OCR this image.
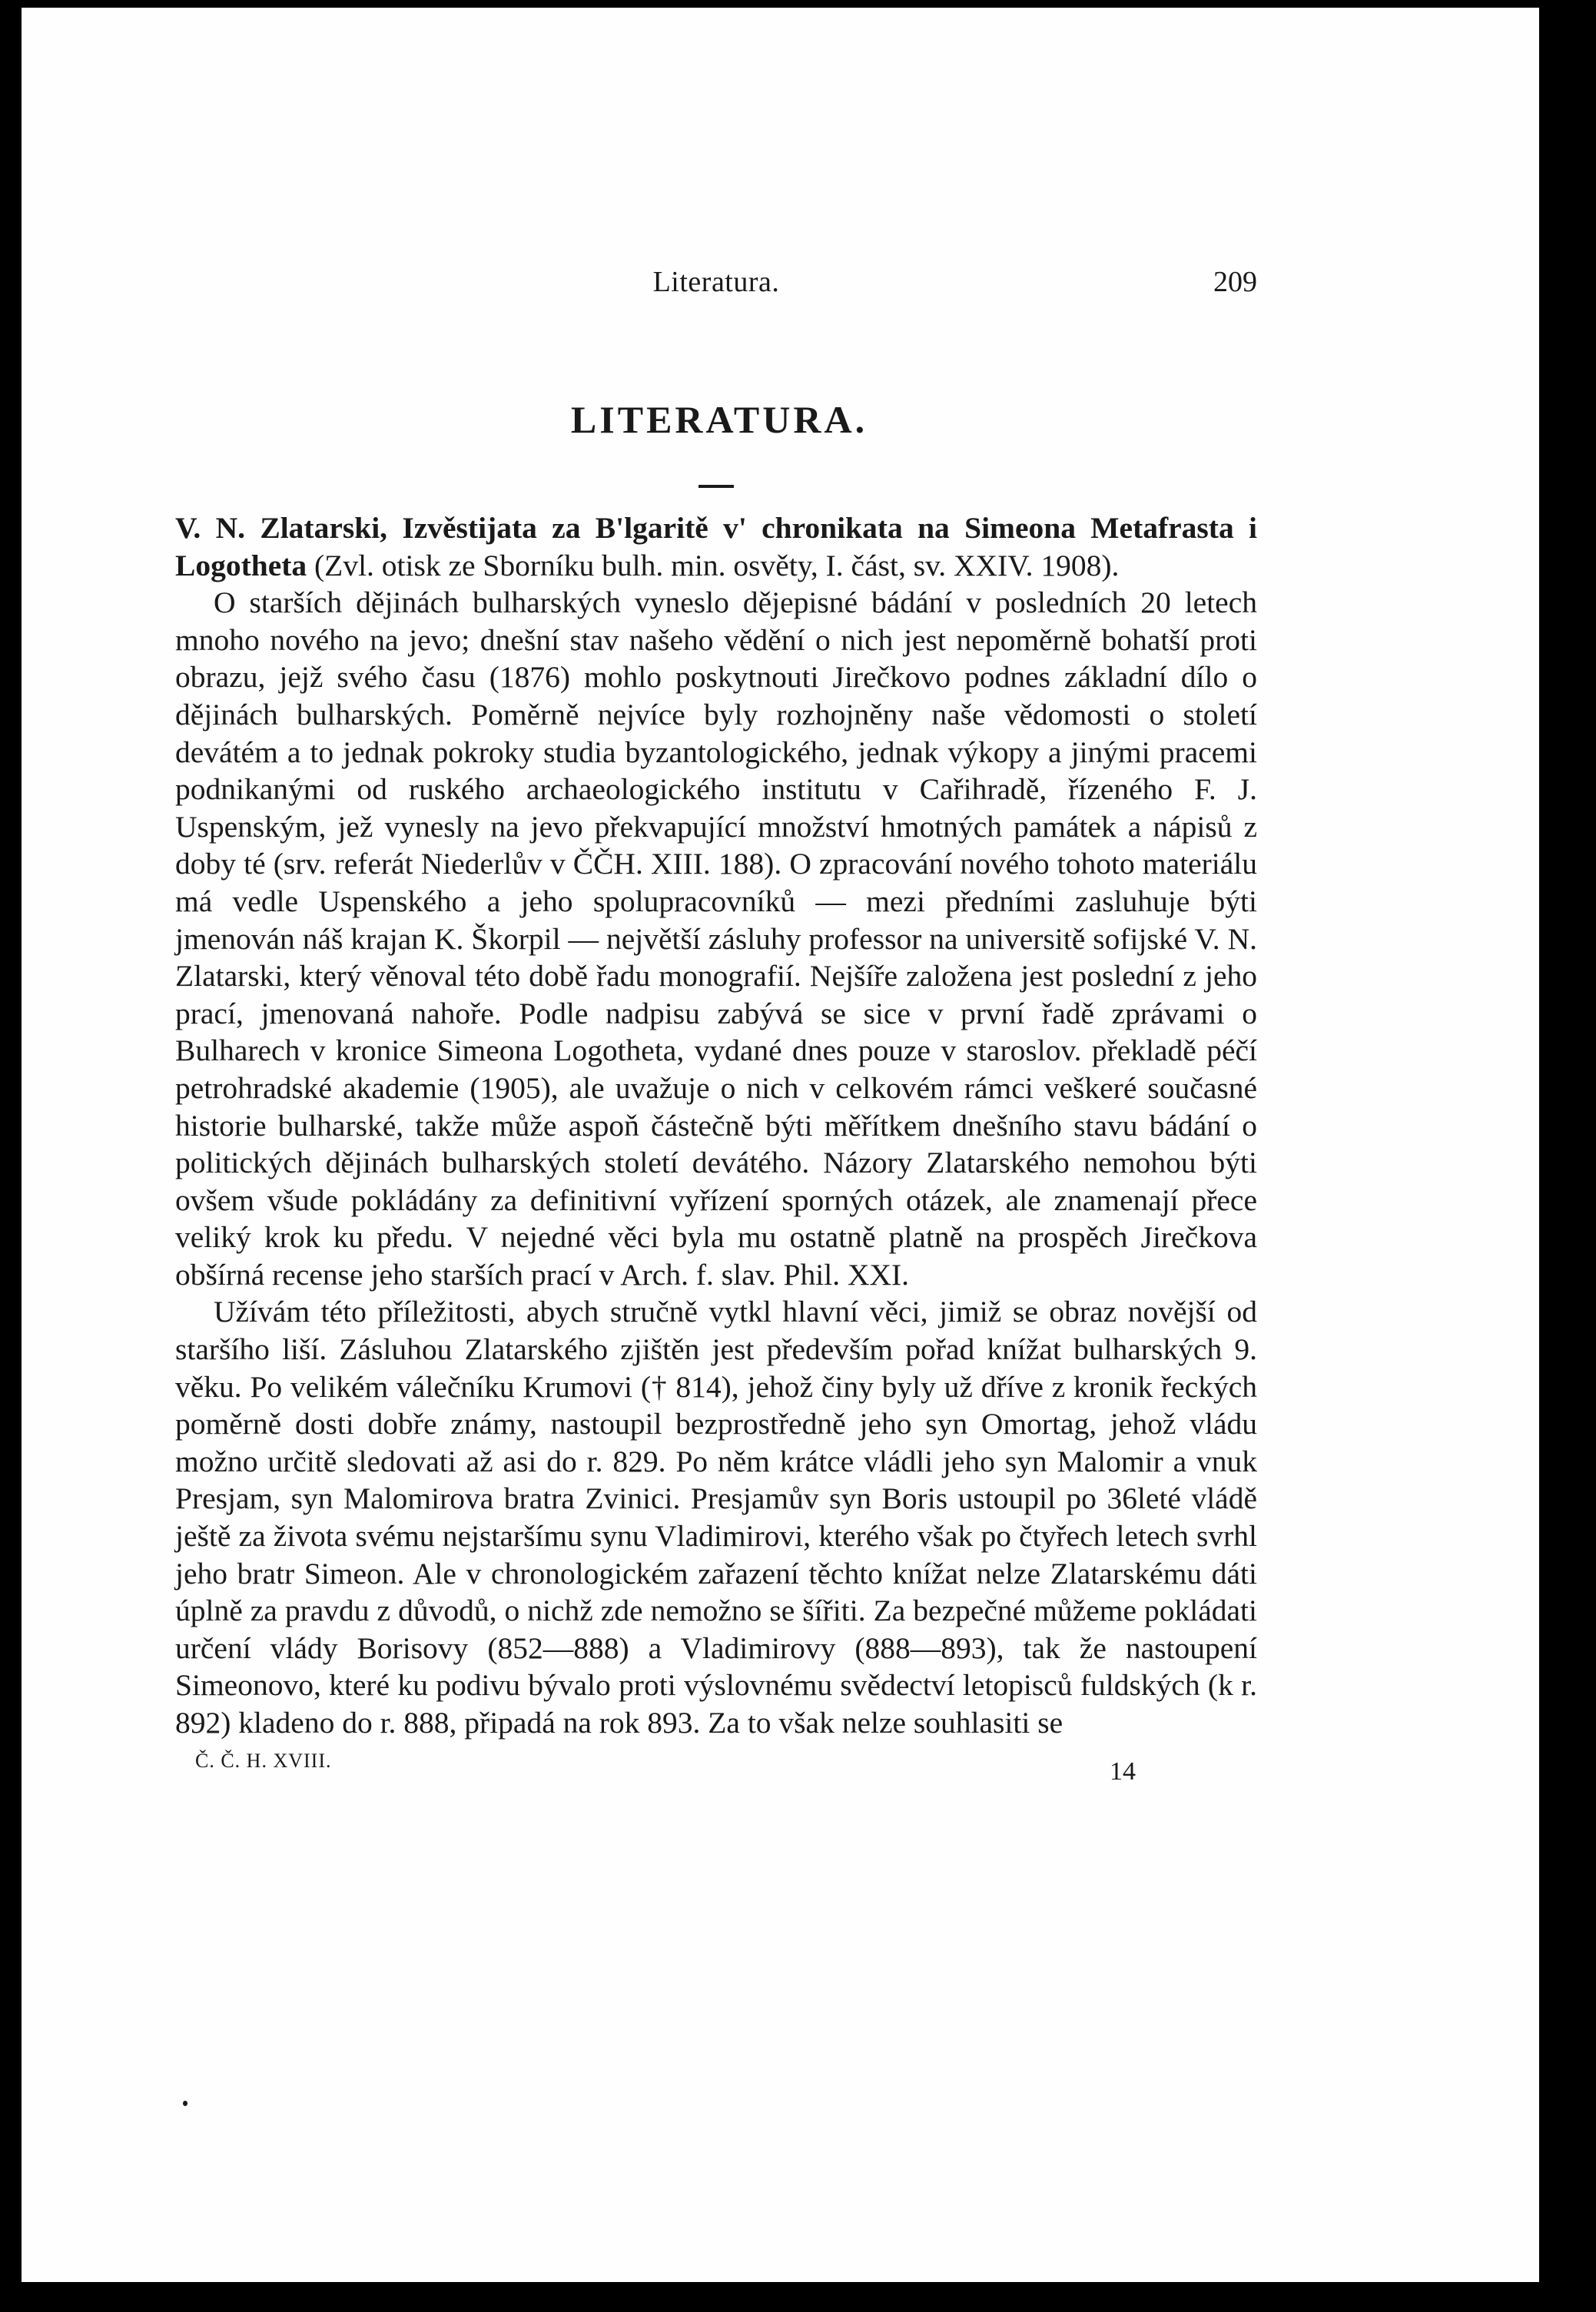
Literatura.	209
LITERATURA.

V. N. Zlatarski, Izvěstijata za B'lgaritě v' chronikata na Simeona Metafrasta i Logotheta (Zvl. otisk ze Sborníku bulh. min. osvěty, I. část, sv. XXIV. 1908).

O starších dějinách bulharských vyneslo dějepisné bádání v posledních 20 letech mnoho nového na jevo; dnešní stav našeho vědění o nich jest nepoměrně bohatší proti obrazu, jejž svého času (1876) mohlo poskytnouti Jirečkovo podnes základní dílo o dějinách bulharských. Poměrně nejvíce byly rozhojněny naše vědomosti o století devátém a to jednak pokroky studia byzantologického, jednak výkopy a jinými pracemi podnikanými od ruského archaeologického institutu v Cařihradě, řízeného F. J. Uspenským, jež vynesly na jevo překvapující množství hmotných památek a nápisů z doby té (srv. referát Niederlův v ČČH. XIII. 188). O zpracování nového tohoto materiálu má vedle Uspenského a jeho spolupracovníků — mezi předními zasluhuje býti jmenován náš krajan K. Škorpil — největší zásluhy professor na universitě sofijské V. N. Zlatarski, který věnoval této době řadu monografií. Nejšíře založena jest poslední z jeho prací, jmenovaná nahoře. Podle nadpisu zabývá se sice v první řadě zprávami o Bulharech v kronice Simeona Logotheta, vydané dnes pouze v staroslov. překladě péčí petrohradské akademie (1905), ale uvažuje o nich v celkovém rámci veškeré současné historie bulharské, takže může aspoň částečně býti měřítkem dnešního stavu bádání o politických dějinách bulharských století devátého. Názory Zlatarského nemohou býti ovšem všude pokládány za definitivní vyřízení sporných otázek, ale znamenají přece veliký krok ku předu. V nejedné věci byla mu ostatně platně na prospěch Jirečkova obšírná recense jeho starších prací v Arch. f. slav. Phil. XXI.

Užívám této příležitosti, abych stručně vytkl hlavní věci, jimiž se obraz novější od staršího liší. Zásluhou Zlatarského zjištěn jest především pořad knížat bulharských 9. věku. Po velikém válečníku Krumovi († 814), jehož činy byly už dříve z kronik řeckých poměrně dosti dobře známy, nastoupil bezprostředně jeho syn Omortag, jehož vládu možno určitě sledovati až asi do r. 829. Po něm krátce vládli jeho syn Malomir a vnuk Presjam, syn Malomirova bratra Zvinici. Presjamův syn Boris ustoupil po 36leté vládě ještě za života svému nejstaršímu synu Vladimirovi, kterého však po čtyřech letech svrhl jeho bratr Simeon. Ale v chronologickém zařazení těchto knížat nelze Zlatarskému dáti úplně za pravdu z důvodů, o nichž zde nemožno se šířiti. Za bezpečné můžeme pokládati určení vlády Borisovy (852—888) a Vladimirovy (888—893), tak že nastoupení Simeonovo, které ku podivu bývalo proti výslovnému svědectví letopisců fuldských (k r. 892) kladeno do r. 888, připadá na rok 893. Za to však nelze souhlasiti se

Č. Č. H. XVIII.	14
